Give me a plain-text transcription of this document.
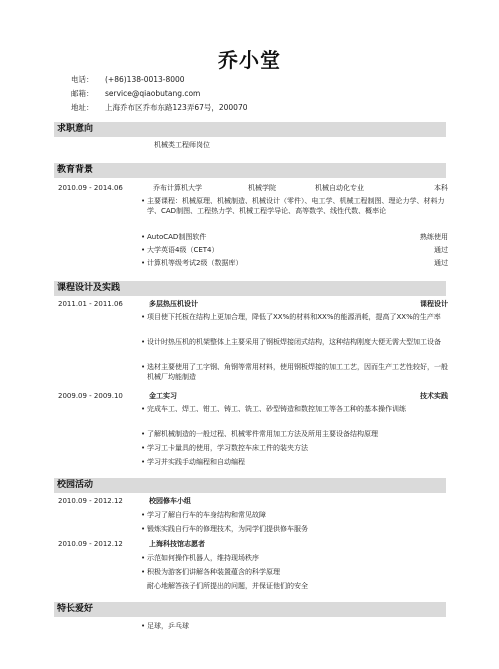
乔小堂
电话：	(+86)138-0013-8000
邮箱：	service@qiaobutang.com
地址：	上海乔布区乔布东路123弄67号，200070
求职意向
机械类工程师岗位
教育背景
2010.09 - 2014.06	乔布计算机大学	机械学院	机械自动化专业	本科
• 主要课程：机械原理、机械制造、机械设计（零件）、电工学、机械工程制图、理论力学、材料力学、CAD制图、工程热力学、机械工程学导论、高等数学、线性代数、概率论
• AutoCAD制图软件	熟练使用
• 大学英语4级（CET4）	通过
• 计算机等级考试2级（数据库）	通过
课程设计及实践
2011.01 - 2011.06	多层热压机设计	课程设计
• 项目使下托板在结构上更加合理，降低了XX%的材料和XX%的能源消耗，提高了XX%的生产率
• 设计时热压机的机架整体上主要采用了钢板焊接闭式结构，这种结构刚度大便无需大型加工设备
• 选材主要使用了工字钢、角钢等常用材料，使用钢板焊接的加工工艺，因而生产工艺性较好，一般机械厂均能制造
2009.09 - 2009.10	金工实习	技术实践
• 完成车工、焊工、钳工、铸工、铣工、砂型铸造和数控加工等各工种的基本操作训练
• 了解机械制造的一般过程、机械零件常用加工方法及所用主要设备结构原理
• 学习工卡量具的使用，学习数控车床工件的装夹方法
• 学习并实践手动编程和自动编程
校园活动
2010.09 - 2012.12	校园修车小组
• 学习了解自行车的车身结构和常见故障
• 锻炼实践自行车的修理技术，为同学们提供修车服务
2010.09 - 2012.12	上海科技馆志愿者
• 示范如何操作机器人，维持现场秩序
• 积极为游客们讲解各种装置蕴含的科学原理
耐心地解答孩子们所提出的问题，并保证他们的安全
特长爱好
• 足球，乒乓球
